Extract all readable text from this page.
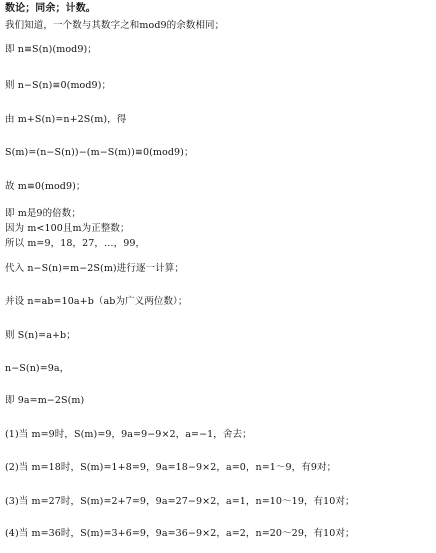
数论；同余；计数。
我们知道，一个数与其数字之和mod9的余数相同；
即 n≡S(n)(mod9)；
则 n−S(n)≡0(mod9)；
由 m+S(n)=n+2S(m)，得
S(m)=(n−S(n))−(m−S(m))≡0(mod9)；
故 m≡0(mod9)；
即 m是9的倍数；
因为 m<100且m为正整数；
所以 m=9，18，27，…，99，
代入 n−S(n)=m−2S(m)进行逐一计算；
并设 n=ab=10a+b（ab为广义两位数）；
则 S(n)=a+b；
n−S(n)=9a，
即 9a=m−2S(m)
(1)当 m=9时，S(m)=9，9a=9−9×2，a=−1，舍去；
(2)当 m=18时，S(m)=1+8=9，9a=18−9×2，a=0，n=1～9，有9对；
(3)当 m=27时，S(m)=2+7=9，9a=27−9×2，a=1，n=10～19，有10对；
(4)当 m=36时，S(m)=3+6=9，9a=36−9×2，a=2，n=20～29，有10对；
